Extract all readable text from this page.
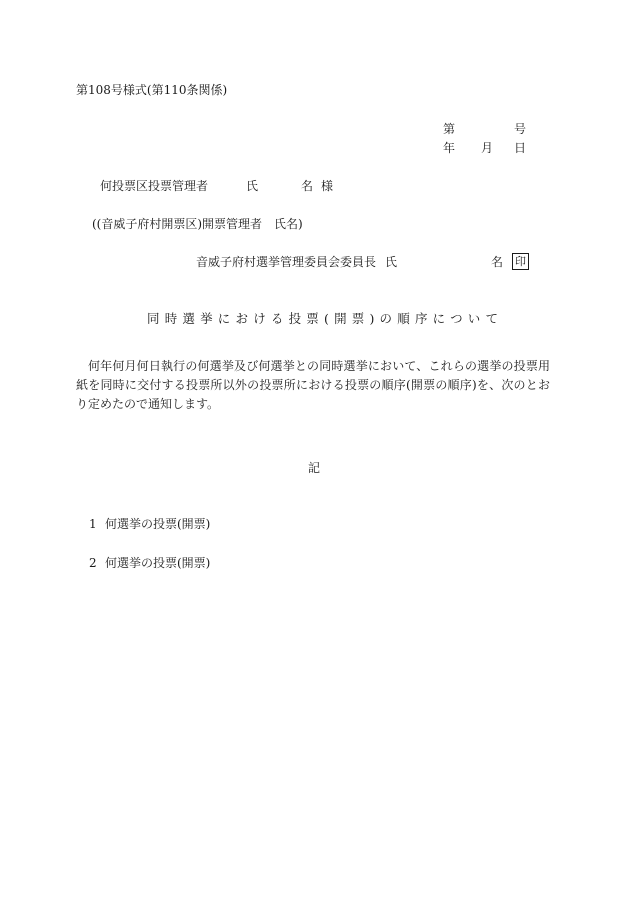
第108号様式(第110条関係)
第	号
年 月 日
何投票区投票管理者	氏	名 様
((音威子府村開票区)開票管理者　氏名)
音威子府村選挙管理委員会委員長 氏	名 印
同時選挙における投票(開票)の順序について
何年何月何日執行の何選挙及び何選挙との同時選挙において、これらの選挙の投票用紙を同時に交付する投票所以外の投票所における投票の順序(開票の順序)を、次のとおり定めたので通知します。
記
1 何選挙の投票(開票)
2 何選挙の投票(開票)
